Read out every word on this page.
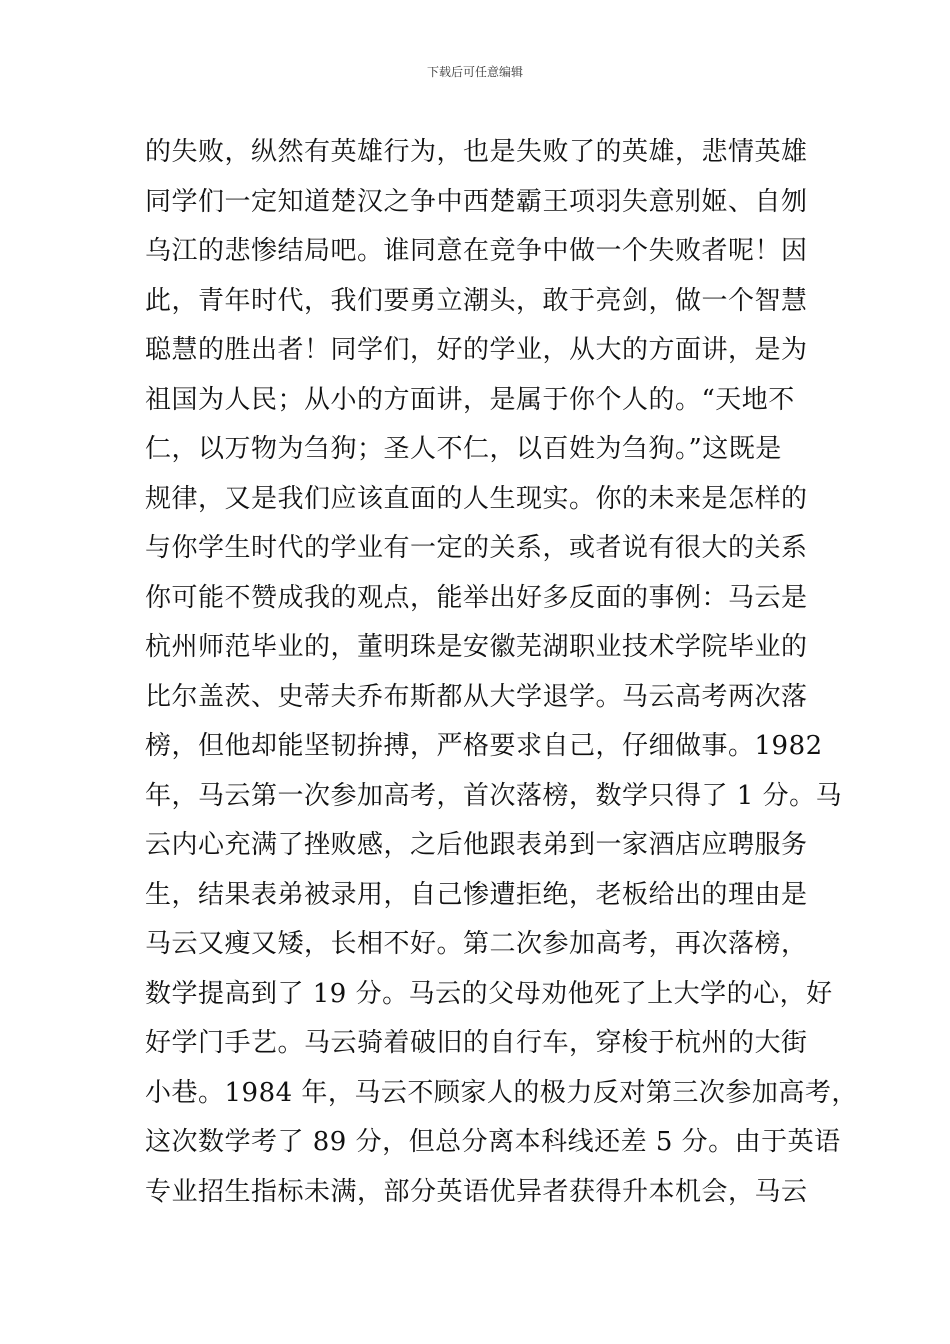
下载后可任意编辑
的失败，纵然有英雄行为，也是失败了的英雄，悲情英雄
同学们一定知道楚汉之争中西楚霸王项羽失意别姬、自刎
乌江的悲惨结局吧。谁同意在竞争中做一个失败者呢！因
此，青年时代，我们要勇立潮头，敢于亮剑，做一个智慧
聪慧的胜出者！同学们，好的学业，从大的方面讲，是为
祖国为人民；从小的方面讲，是属于你个人的。“天地不
仁，以万物为刍狗；圣人不仁，以百姓为刍狗。”这既是
规律，又是我们应该直面的人生现实。你的未来是怎样的
与你学生时代的学业有一定的关系，或者说有很大的关系
你可能不赞成我的观点，能举出好多反面的事例：马云是
杭州师范毕业的，董明珠是安徽芜湖职业技术学院毕业的
比尔盖茨、史蒂夫乔布斯都从大学退学。马云高考两次落
榜，但他却能坚韧拚搏，严格要求自己，仔细做事。1982
年，马云第一次参加高考，首次落榜，数学只得了 1 分。马
云内心充满了挫败感，之后他跟表弟到一家酒店应聘服务
生，结果表弟被录用，自己惨遭拒绝，老板给出的理由是
马云又瘦又矮，长相不好。第二次参加高考，再次落榜，
数学提高到了 19 分。马云的父母劝他死了上大学的心，好
好学门手艺。马云骑着破旧的自行车，穿梭于杭州的大街
小巷。1984 年，马云不顾家人的极力反对第三次参加高考，
这次数学考了 89 分，但总分离本科线还差 5 分。由于英语
专业招生指标未满，部分英语优异者获得升本机会，马云
